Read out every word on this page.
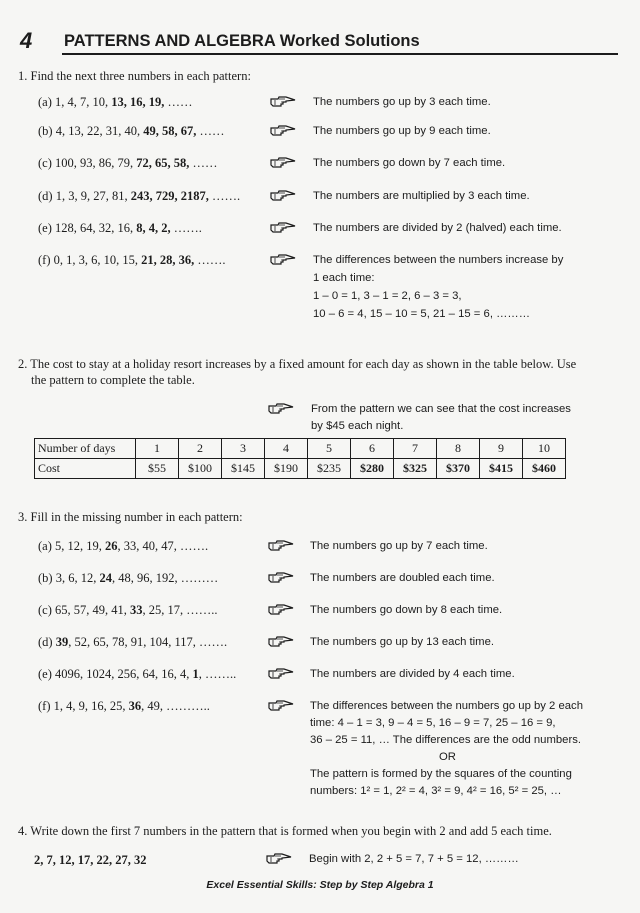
4 PATTERNS AND ALGEBRA Worked Solutions
1. Find the next three numbers in each pattern:
(a) 1, 4, 7, 10, 13, 16, 19, ……	The numbers go up by 3 each time.
(b) 4, 13, 22, 31, 40, 49, 58, 67, ……	The numbers go up by 9 each time.
(c) 100, 93, 86, 79, 72, 65, 58, ……	The numbers go down by 7 each time.
(d) 1, 3, 9, 27, 81, 243, 729, 2187, …….	The numbers are multiplied by 3 each time.
(e) 128, 64, 32, 16, 8, 4, 2, …….	The numbers are divided by 2 (halved) each time.
(f) 0, 1, 3, 6, 10, 15, 21, 28, 36, …….	The differences between the numbers increase by
1 each time:
1 – 0 = 1, 3 – 1 = 2, 6 – 3 = 3,
10 – 6 = 4, 15 – 10 = 5, 21 – 15 = 6, ………
2. The cost to stay at a holiday resort increases by a fixed amount for each day as shown in the table below. Use
the pattern to complete the table.
From the pattern we can see that the cost increases
by $45 each night.
Number of days	1	2	3	4	5	6	7	8	9	10
Cost	$55	$100	$145	$190	$235	$280	$325	$370	$415	$460
3. Fill in the missing number in each pattern:
(a) 5, 12, 19, 26, 33, 40, 47, …….	The numbers go up by 7 each time.
(b) 3, 6, 12, 24, 48, 96, 192, ………	The numbers are doubled each time.
(c) 65, 57, 49, 41, 33, 25, 17, ……..	The numbers go down by 8 each time.
(d) 39, 52, 65, 78, 91, 104, 117, …….	The numbers go up by 13 each time.
(e) 4096, 1024, 256, 64, 16, 4, 1, ……..	The numbers are divided by 4 each time.
(f) 1, 4, 9, 16, 25, 36, 49, ………..	The differences between the numbers go up by 2 each
time: 4 – 1 = 3, 9 – 4 = 5, 16 – 9 = 7, 25 – 16 = 9,
36 – 25 = 11, … The differences are the odd numbers.
OR
The pattern is formed by the squares of the counting
numbers: 1² = 1, 2² = 4, 3² = 9, 4² = 16, 5² = 25, …
4. Write down the first 7 numbers in the pattern that is formed when you begin with 2 and add 5 each time.
2, 7, 12, 17, 22, 27, 32	Begin with 2, 2 + 5 = 7, 7 + 5 = 12, ………
Excel Essential Skills: Step by Step Algebra 1
